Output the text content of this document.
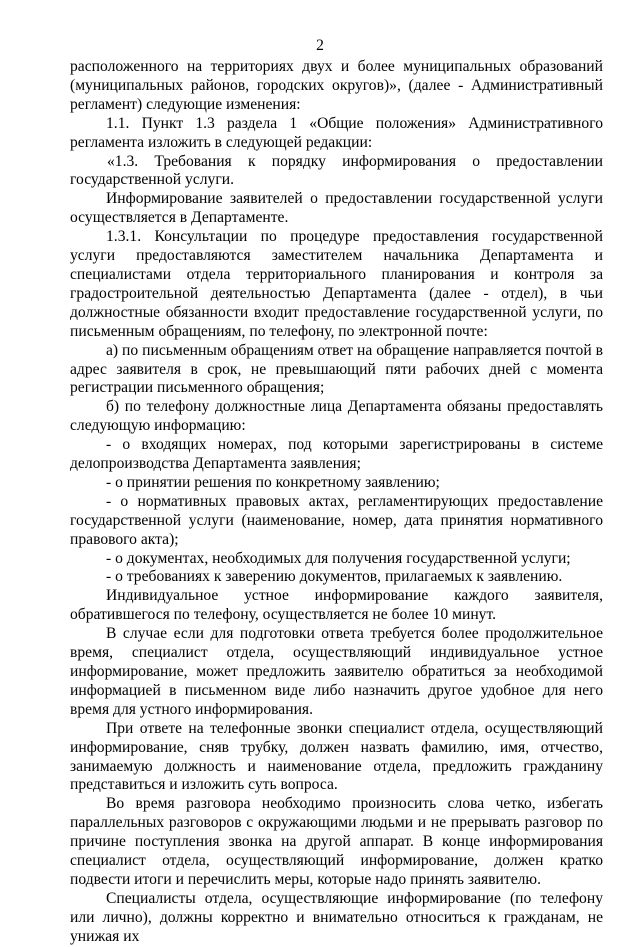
2

расположенного на территориях двух и более муниципальных образований (муниципальных районов, городских округов)», (далее - Административный регламент) следующие изменения:

1.1. Пункт 1.3 раздела 1 «Общие положения» Административного регламента изложить в следующей редакции:

«1.3. Требования к порядку информирования о предоставлении государственной услуги.

Информирование заявителей о предоставлении государственной услуги осуществляется в Департаменте.

1.3.1. Консультации по процедуре предоставления государственной услуги предоставляются заместителем начальника Департамента и специалистами отдела территориального планирования и контроля за градостроительной деятельностью Департамента (далее - отдел), в чьи должностные обязанности входит предоставление государственной услуги, по письменным обращениям, по телефону, по электронной почте:

а) по письменным обращениям ответ на обращение направляется почтой в адрес заявителя в срок, не превышающий пяти рабочих дней с момента регистрации письменного обращения;

б) по телефону должностные лица Департамента обязаны предоставлять следующую информацию:

- о входящих номерах, под которыми зарегистрированы в системе делопроизводства Департамента заявления;

- о принятии решения по конкретному заявлению;

- о нормативных правовых актах, регламентирующих предоставление государственной услуги (наименование, номер, дата принятия нормативного правового акта);

- о документах, необходимых для получения государственной услуги;

- о требованиях к заверению документов, прилагаемых к заявлению.

Индивидуальное устное информирование каждого заявителя, обратившегося по телефону, осуществляется не более 10 минут.

В случае если для подготовки ответа требуется более продолжительное время, специалист отдела, осуществляющий индивидуальное устное информирование, может предложить заявителю обратиться за необходимой информацией в письменном виде либо назначить другое удобное для него время для устного информирования.

При ответе на телефонные звонки специалист отдела, осуществляющий информирование, сняв трубку, должен назвать фамилию, имя, отчество, занимаемую должность и наименование отдела, предложить гражданину представиться и изложить суть вопроса.

Во время разговора необходимо произносить слова четко, избегать параллельных разговоров с окружающими людьми и не прерывать разговор по причине поступления звонка на другой аппарат. В конце информирования специалист отдела, осуществляющий информирование, должен кратко подвести итоги и перечислить меры, которые надо принять заявителю.

Специалисты отдела, осуществляющие информирование (по телефону или лично), должны корректно и внимательно относиться к гражданам, не унижая их
